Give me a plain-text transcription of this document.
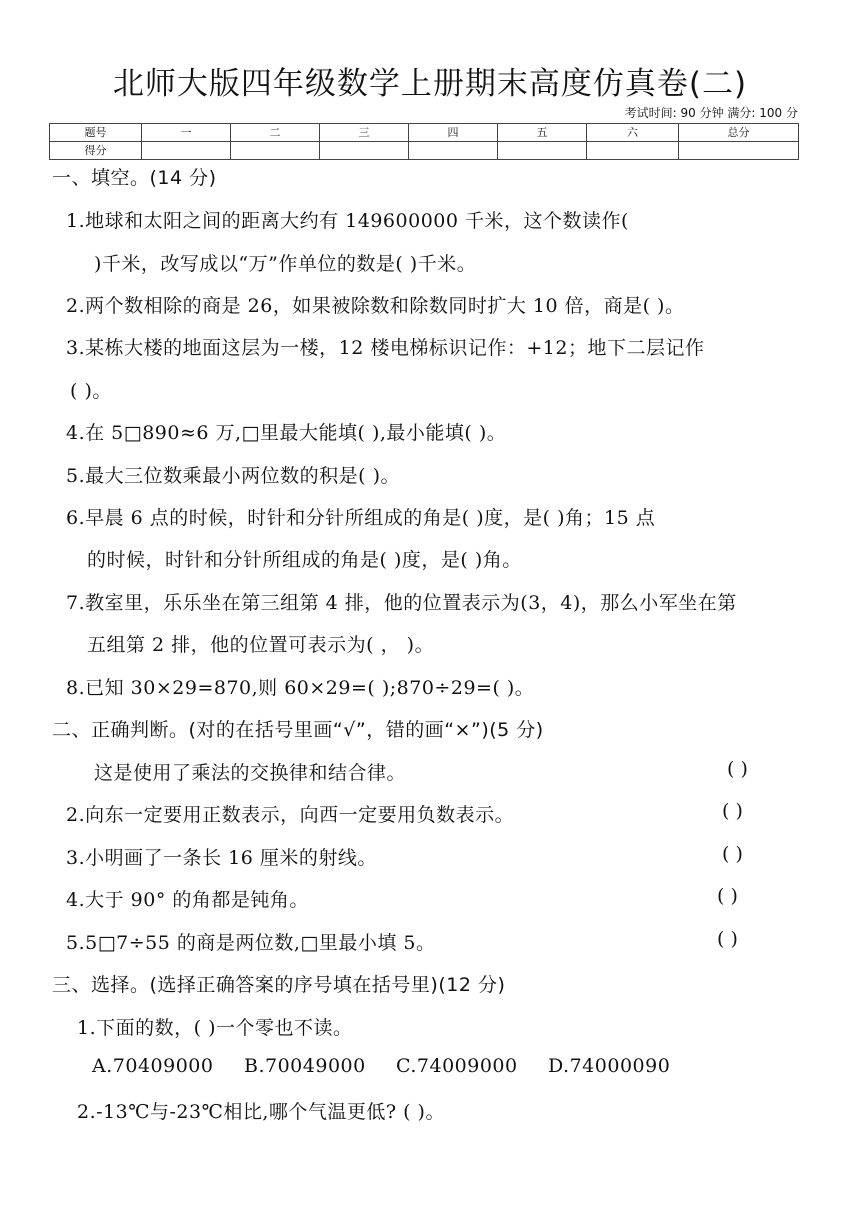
北师大版四年级数学上册期末高度仿真卷(二)
考试时间: 90 分钟 满分: 100 分
题号	一	二	三	四	五	六	总分
得分							
一、填空。(14 分)
1.地球和太阳之间的距离大约有 149600000 千米，这个数读作(
)千米，改写成以“万”作单位的数是( )千米。
2.两个数相除的商是 26，如果被除数和除数同时扩大 10 倍，商是( )。
3.某栋大楼的地面这层为一楼，12 楼电梯标识记作：+12；地下二层记作
( )。
4.在 5□890≈6 万,□里最大能填( ),最小能填( )。
5.最大三位数乘最小两位数的积是( )。
6.早晨 6 点的时候，时针和分针所组成的角是( )度，是( )角；15 点
的时候，时针和分针所组成的角是( )度，是( )角。
7.教室里，乐乐坐在第三组第 4 排，他的位置表示为(3，4)，那么小军坐在第
五组第 2 排，他的位置可表示为( ， )。
8.已知 30×29=870,则 60×29=( );870÷29=( )。
二、正确判断。(对的在括号里画“√”，错的画“×”)(5 分)
这是使用了乘法的交换律和结合律。	( )
2.向东一定要用正数表示，向西一定要用负数表示。	( )
3.小明画了一条长 16 厘米的射线。	( )
4.大于 90° 的角都是钝角。	( )
5.5□7÷55 的商是两位数,□里最小填 5。	( )
三、选择。(选择正确答案的序号填在括号里)(12 分)
1.下面的数，( )一个零也不读。
A.70409000 B.70049000 C.74009000 D.74000090
2.-13℃与-23℃相比,哪个气温更低? ( )。
